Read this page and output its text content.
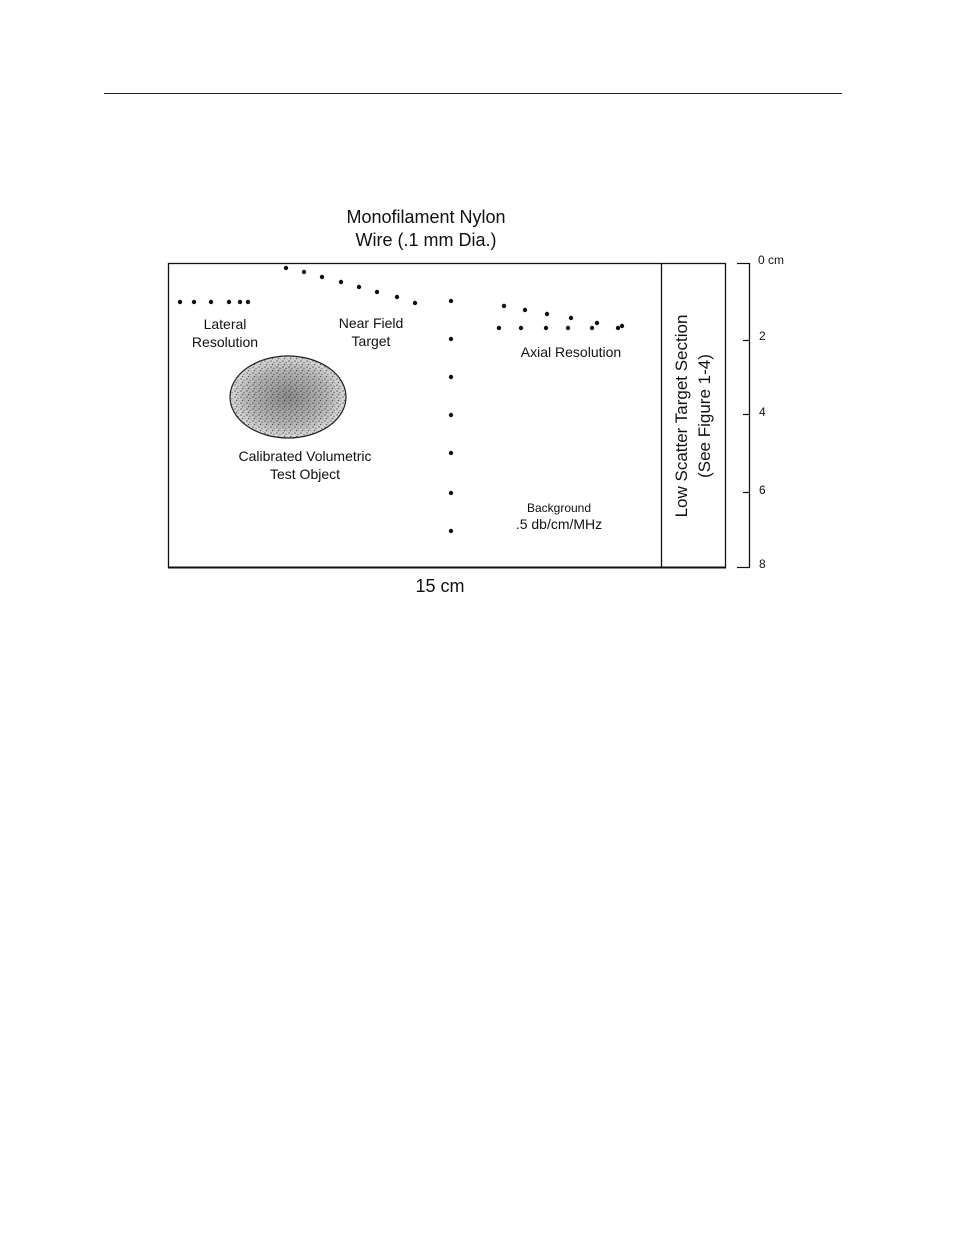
Monofilament Nylon
Wire (.1 mm Dia.)
Lateral
Resolution
Near Field
Target
Axial Resolution
Calibrated Volumetric
Test Object
Background
.5 db/cm/MHz
Low Scatter Target Section (See Figure 1-4)
15 cm
0 cm
2
4
6
8
